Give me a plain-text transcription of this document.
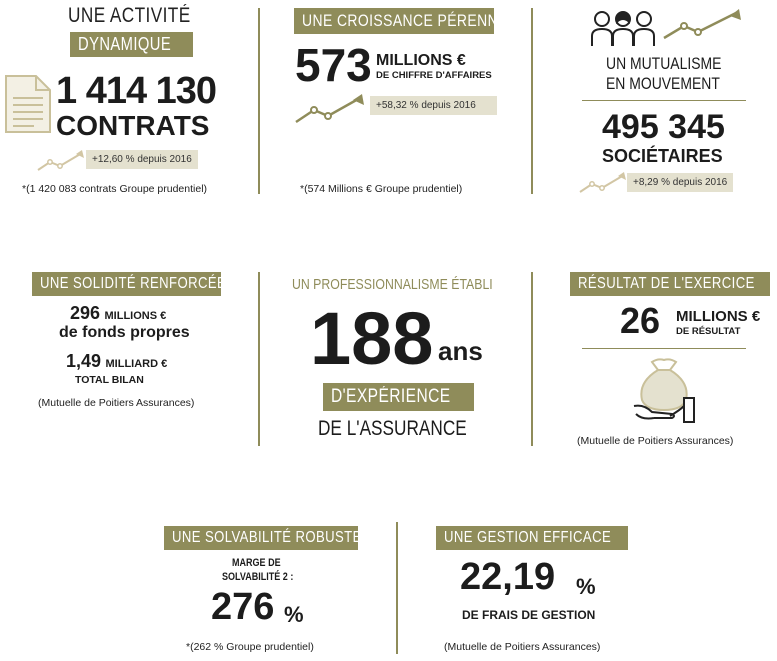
UNE ACTIVITÉ
DYNAMIQUE
1 414 130
CONTRATS
+12,60 % depuis 2016
*(1 420 083 contrats Groupe prudentiel)
UNE CROISSANCE PÉRENNE
573 MILLIONS €
DE CHIFFRE D'AFFAIRES
+58,32 % depuis 2016
*(574 Millions € Groupe prudentiel)
UN MUTUALISME
EN MOUVEMENT
495 345
SOCIÉTAIRES
+8,29 % depuis 2016
UNE SOLIDITÉ RENFORCÉE
296 MILLIONS €
de fonds propres
1,49 MILLIARD €
TOTAL BILAN
(Mutuelle de Poitiers Assurances)
UN PROFESSIONNALISME ÉTABLI
188 ans
D'EXPÉRIENCE
DE L'ASSURANCE
RÉSULTAT DE L'EXERCICE
26 MILLIONS €
DE RÉSULTAT
(Mutuelle de Poitiers Assurances)
UNE SOLVABILITÉ ROBUSTE
MARGE DE
SOLVABILITÉ 2 :
276 %
*(262 % Groupe prudentiel)
UNE GESTION EFFICACE
22,19 %
DE FRAIS DE GESTION
(Mutuelle de Poitiers Assurances)
